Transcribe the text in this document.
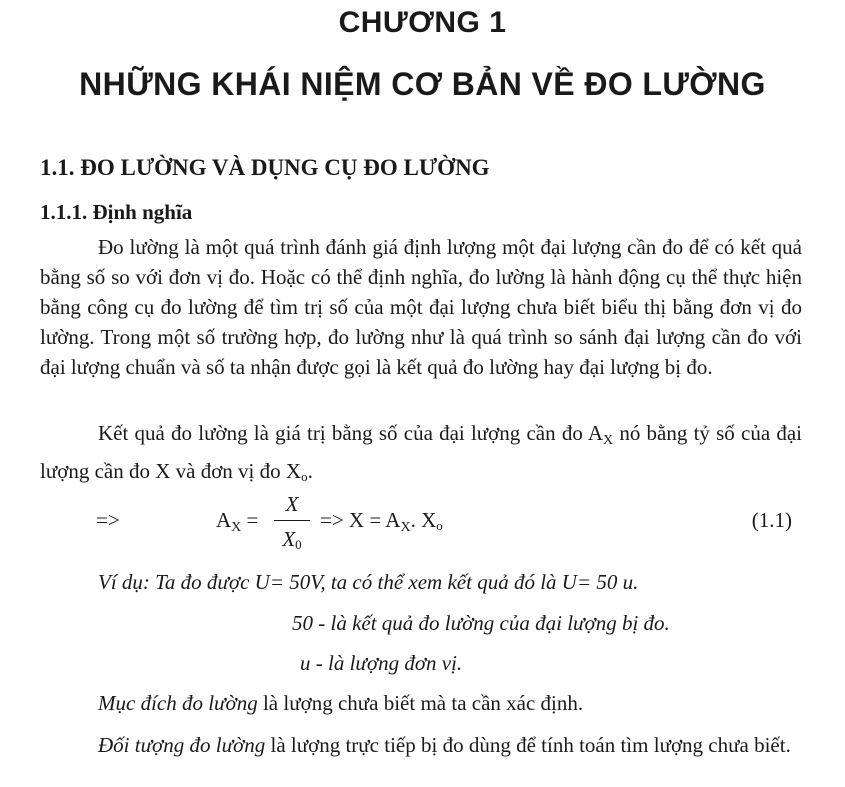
CHƯƠNG 1
NHỮNG KHÁI NIỆM CƠ BẢN VỀ ĐO LƯỜNG
1.1. ĐO LƯỜNG VÀ DỤNG CỤ ĐO LƯỜNG
1.1.1. Định nghĩa

Đo lường là một quá trình đánh giá định lượng một đại lượng cần đo để có kết quả bằng số so với đơn vị đo. Hoặc có thể định nghĩa, đo lường là hành động cụ thể thực hiện bằng công cụ đo lường để tìm trị số của một đại lượng chưa biết biểu thị bằng đơn vị đo lường. Trong một số trường hợp, đo lường như là quá trình so sánh đại lượng cần đo với đại lượng chuẩn và số ta nhận được gọi là kết quả đo lường hay đại lượng bị đo.

Kết quả đo lường là giá trị bằng số của đại lượng cần đo $A_X$ nó bằng tỷ số của đại lượng cần đo X và đơn vị đo Xo.

=>	$A_X$ =
X
X0
=> $X = A_X$. Xo	(1.1)
Ví dụ: Ta đo được U= 50V, ta có thể xem kết quả đó là U= 50 u.
50 - là kết quả đo lường của đại lượng bị đo.
u - là lượng đơn vị.

Mục đích đo lường là lượng chưa biết mà ta cần xác định.

Đối tượng đo lường là lượng trực tiếp bị đo dùng để tính toán tìm lượng chưa biết.
